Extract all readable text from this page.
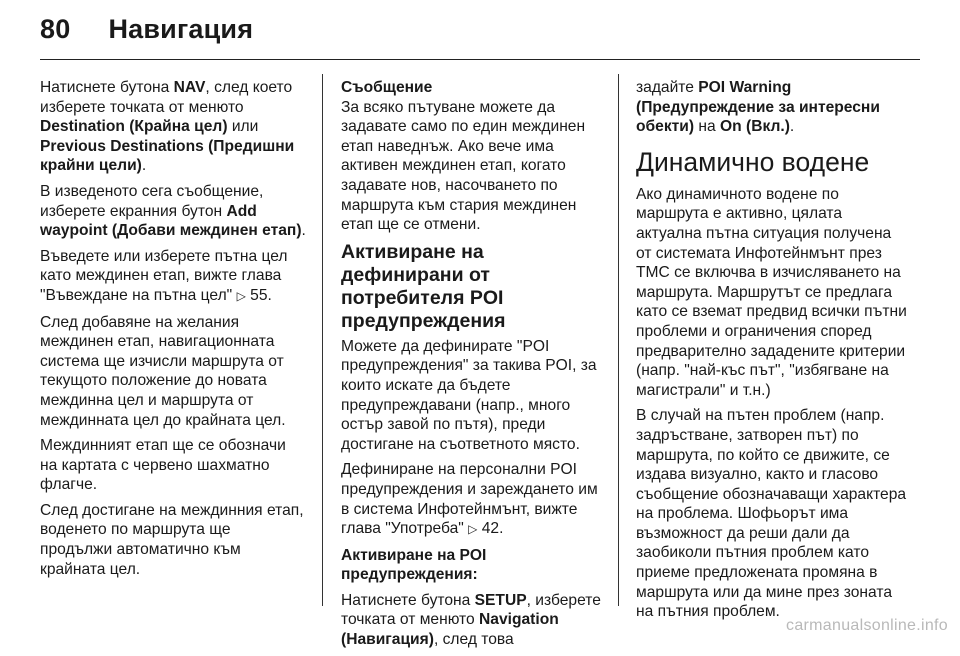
80 Навигация

Натиснете бутона NAV, след което изберете точката от менюто Destination (Крайна цел) или Previous Destinations (Предишни крайни цели).

В изведеното сега съобщение, изберете екранния бутон Add waypoint (Добави междинен етап).

Въведете или изберете пътна цел като междинен етап, вижте глава "Въвеждане на пътна цел" ▷ 55.

След добавяне на желания междинен етап, навигационната система ще изчисли маршрута от текущото положение до новата междинна цел и маршрута от междинната цел до крайната цел.

Междинният етап ще се обозначи на картата с червено шахматно флагче.

След достигане на междинния етап, воденето по маршрута ще продължи автоматично към крайната цел.

Съобщение

За всяко пътуване можете да задавате само по един междинен етап наведнъж. Ако вече има активен междинен етап, когато задавате нов, насочването по маршрута към стария междинен етап ще се отмени.

Активиране на дефинирани от потребителя POI предупреждения

Можете да дефинирате "POI предупреждения" за такива POI, за които искате да бъдете предупреждавани (напр., много остър завой по пътя), преди достигане на съответното място.

Дефиниране на персонални POI предупреждения и зареждането им в система Инфотейнмънт, вижте глава "Употреба" ▷ 42.

Активиране на POI предупреждения:

Натиснете бутона SETUP, изберете точката от менюто Navigation (Навигация), след това

задайте POI Warning (Предупреждение за интересни обекти) на On (Вкл.).

Динамично водене

Ако динамичното водене по маршрута е активно, цялата актуална пътна ситуация получена от системата Инфотейнмънт през TMC се включва в изчисляването на маршрута. Маршрутът се предлага като се вземат предвид всички пътни проблеми и ограничения според предварително зададените критерии (напр. "най-къс път", "избягване на магистрали" и т.н.)

В случай на пътен проблем (напр. задръстване, затворен път) по маршрута, по който се движите, се издава визуално, както и гласово съобщение обозначаващи характера на проблема. Шофьорът има възможност да реши дали да заобиколи пътния проблем като приеме предложената промяна в маршрута или да мине през зоната на пътния проблем.

carmanualsonline.info
